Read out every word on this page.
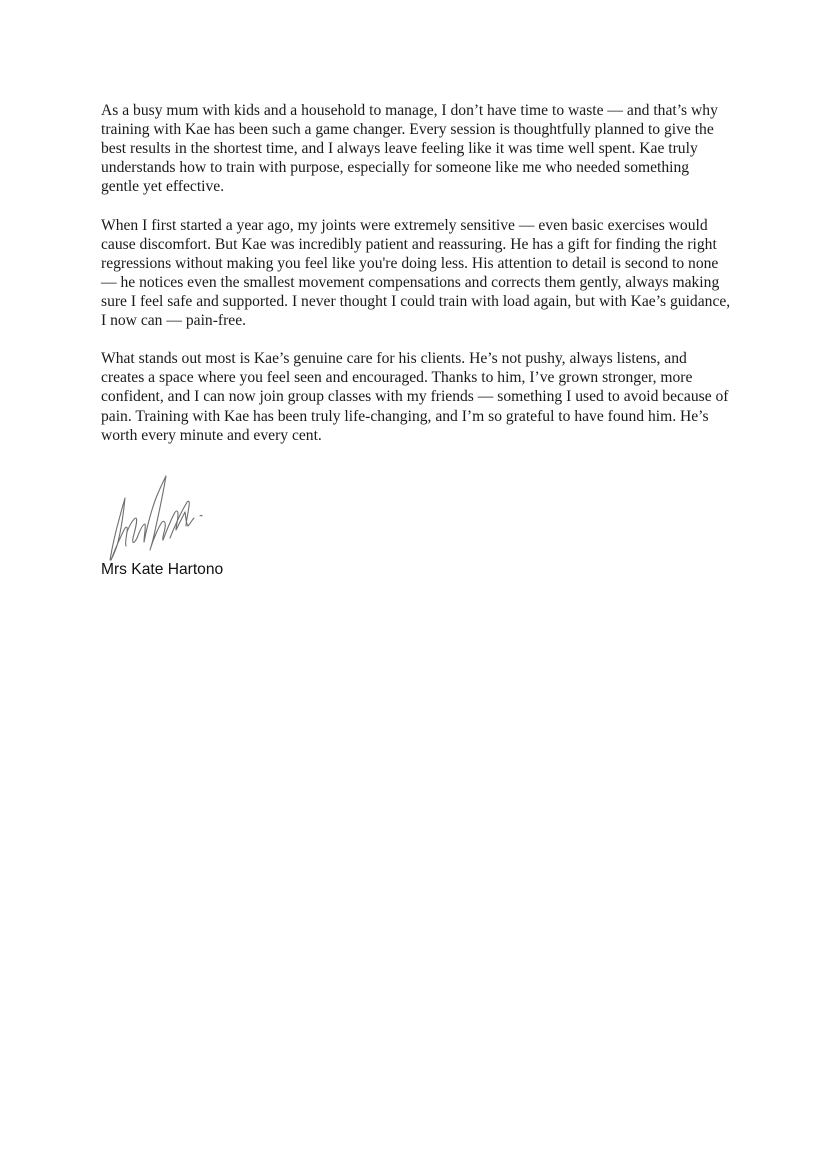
As a busy mum with kids and a household to manage, I don’t have time to waste — and that’s why training with Kae has been such a game changer. Every session is thoughtfully planned to give the best results in the shortest time, and I always leave feeling like it was time well spent. Kae truly understands how to train with purpose, especially for someone like me who needed something gentle yet effective.

When I first started a year ago, my joints were extremely sensitive — even basic exercises would cause discomfort. But Kae was incredibly patient and reassuring. He has a gift for finding the right regressions without making you feel like you're doing less. His attention to detail is second to none — he notices even the smallest movement compensations and corrects them gently, always making sure I feel safe and supported. I never thought I could train with load again, but with Kae’s guidance, I now can — pain-free.

What stands out most is Kae’s genuine care for his clients. He’s not pushy, always listens, and creates a space where you feel seen and encouraged. Thanks to him, I’ve grown stronger, more confident, and I can now join group classes with my friends — something I used to avoid because of pain. Training with Kae has been truly life-changing, and I’m so grateful to have found him. He’s worth every minute and every cent.

Mrs Kate Hartono
